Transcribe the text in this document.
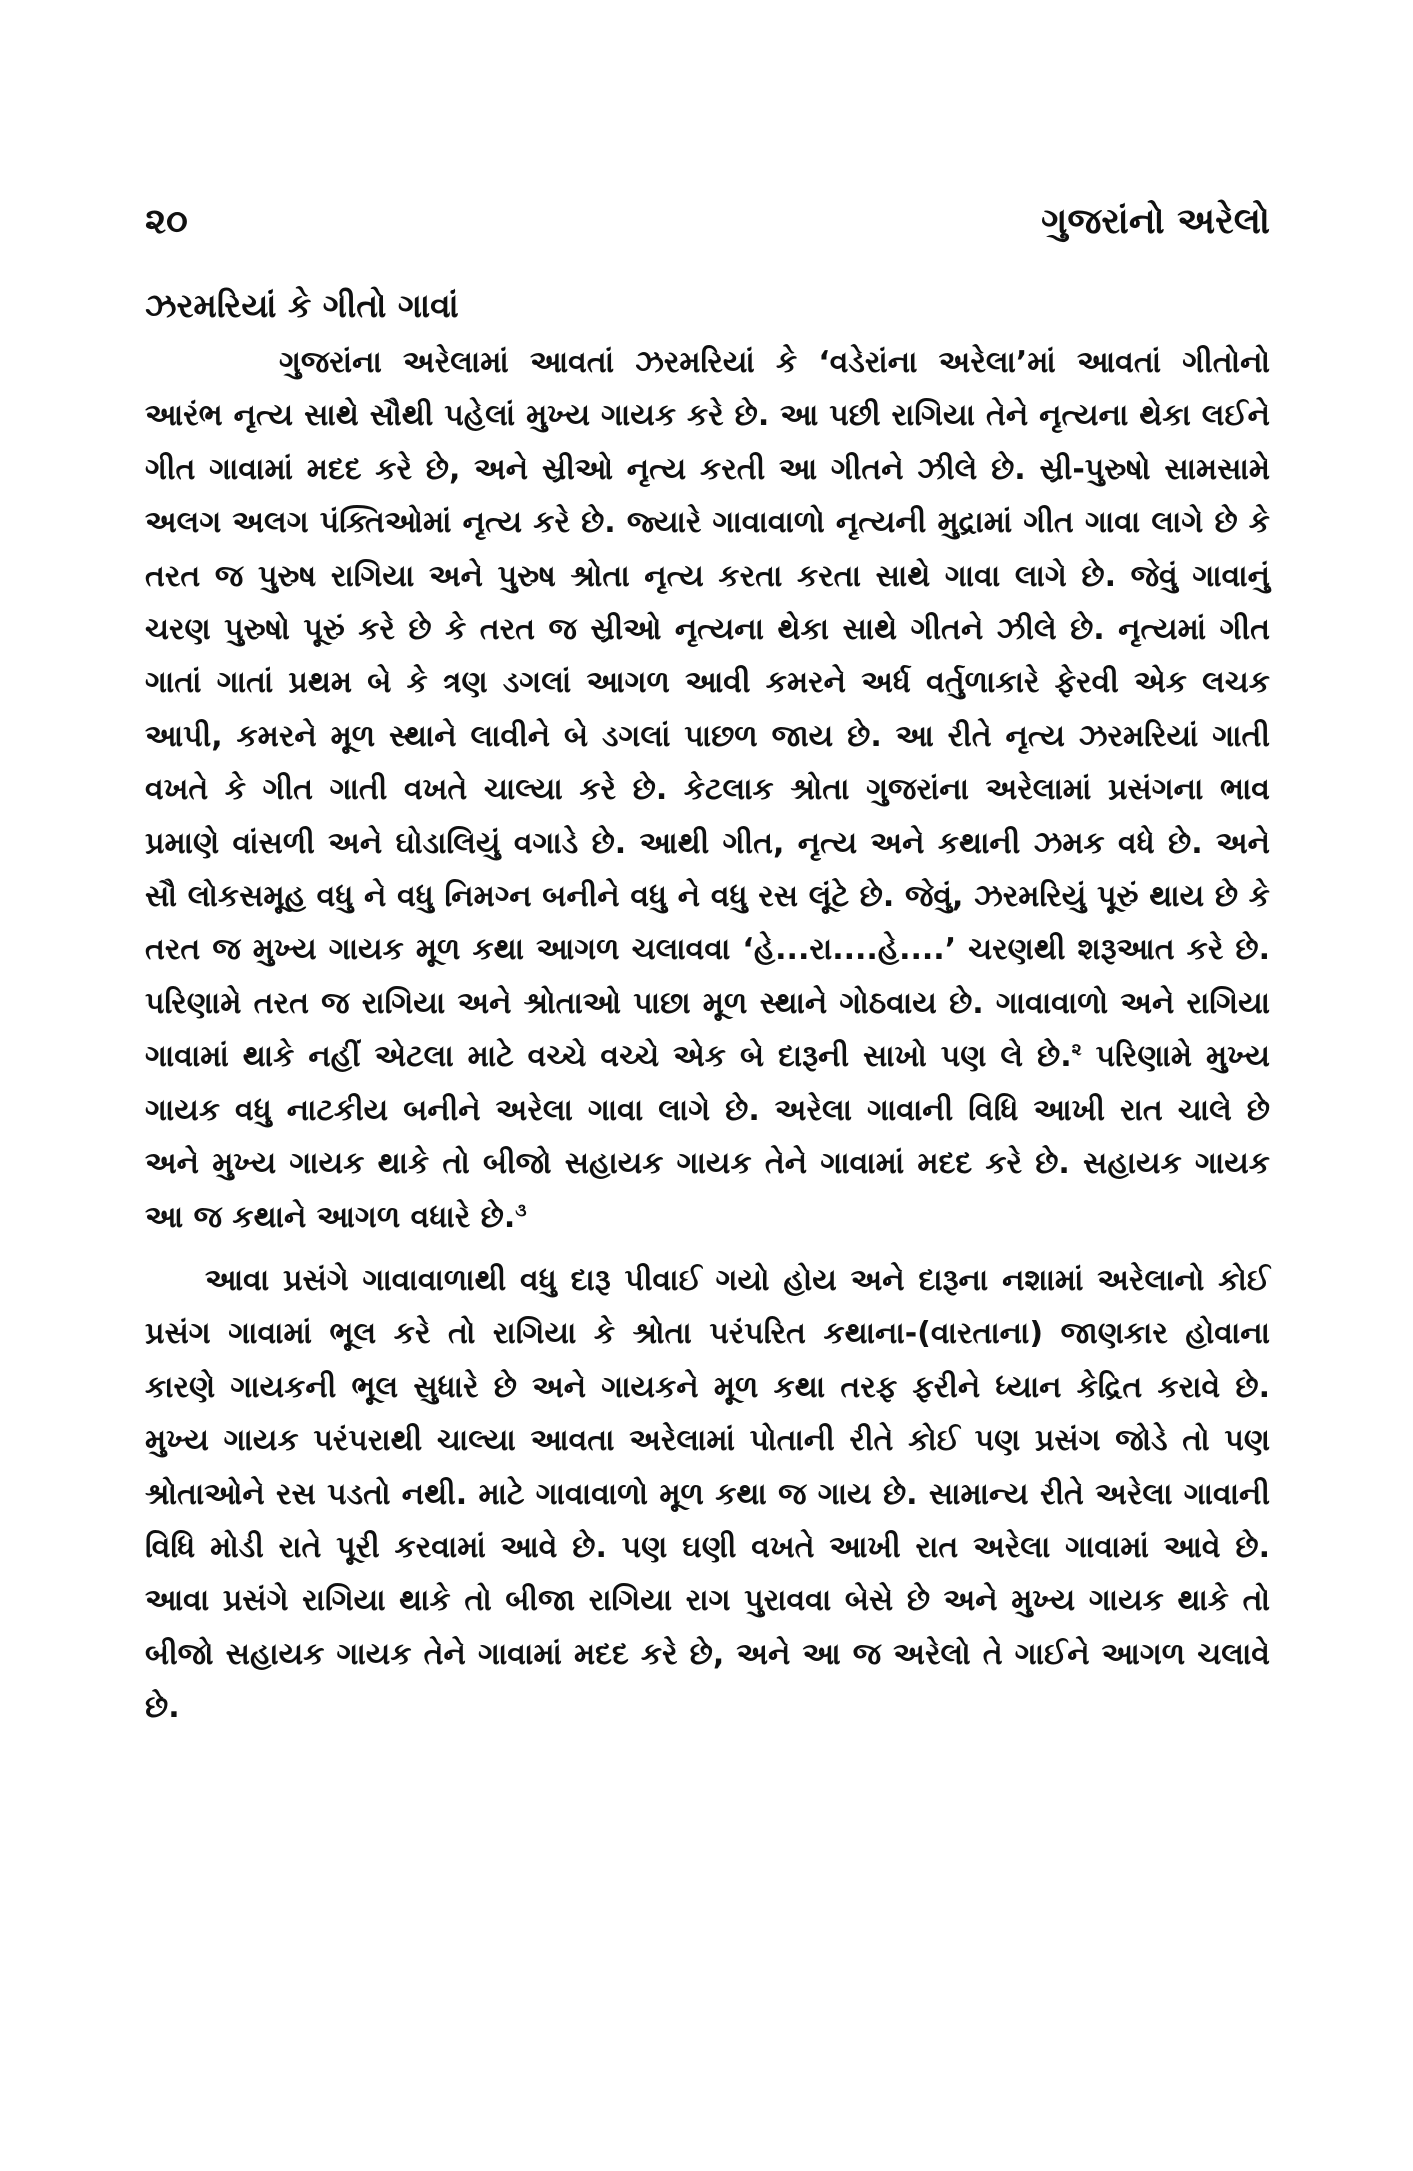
૨૦	ગુજરાંનો અરેલો
ઝરમરિયાં કે ગીતો ગાવાં

ગુજરાંના અરેલામાં આવતાં ઝરમરિયાં કે ‘વડેરાંના અરેલા’માં આવતાં ગીતોનો આરંભ નૃત્ય સાથે સૌથી પહેલાં મુખ્ય ગાયક કરે છે. આ પછી રાગિયા તેને નૃત્યના થેકા લઈને ગીત ગાવામાં મદદ કરે છે, અને સ્રીઓ નૃત્ય કરતી આ ગીતને ઝીલે છે. સ્રી-પુરુષો સામસામે અલગ અલગ પંક્તિઓમાં નૃત્ય કરે છે. જ્યારે ગાવાવાળો નૃત્યની મુદ્રામાં ગીત ગાવા લાગે છે કે તરત જ પુરુષ રાગિયા અને પુરુષ શ્રોતા નૃત્ય કરતા કરતા સાથે ગાવા લાગે છે. જેવું ગાવાનું ચરણ પુરુષો પૂરું કરે છે કે તરત જ સ્રીઓ નૃત્યના થેકા સાથે ગીતને ઝીલે છે. નૃત્યમાં ગીત ગાતાં ગાતાં પ્રથમ બે કે ત્રણ ડગલાં આગળ આવી કમરને અર્ધ વર્તુળાકારે ફેરવી એક લચક આપી, કમરને મૂળ સ્થાને લાવીને બે ડગલાં પાછળ જાય છે. આ રીતે નૃત્ય ઝરમરિયાં ગાતી વખતે કે ગીત ગાતી વખતે ચાલ્યા કરે છે. કેટલાક શ્રોતા ગુજરાંના અરેલામાં પ્રસંગના ભાવ પ્રમાણે વાંસળી અને ઘોડાલિયું વગાડે છે. આથી ગીત, નૃત્ય અને કથાની ઝમક વધે છે. અને સૌ લોકસમૂહ વધુ ને વધુ નિમગ્ન બનીને વધુ ને વધુ રસ લૂંટે છે. જેવું, ઝરમરિયું પૂરું થાય છે કે તરત જ મુખ્ય ગાયક મૂળ કથા આગળ ચલાવવા ‘હે...રા....હે....’ ચરણથી શરૂઆત કરે છે. પરિણામે તરત જ રાગિયા અને શ્રોતાઓ પાછા મૂળ સ્થાને ગોઠવાય છે. ગાવાવાળો અને રાગિયા ગાવામાં થાકે નહીં એટલા માટે વચ્ચે વચ્ચે એક બે દારૂની સાખો પણ લે છે.$^૨$ પરિણામે મુખ્ય ગાયક વધુ નાટકીય બનીને અરેલા ગાવા લાગે છે. અરેલા ગાવાની વિધિ આખી રાત ચાલે છે અને મુખ્ય ગાયક થાકે તો બીજો સહાયક ગાયક તેને ગાવામાં મદદ કરે છે. સહાયક ગાયક આ જ કથાને આગળ વધારે છે.$^૩$

આવા પ્રસંગે ગાવાવાળાથી વધુ દારૂ પીવાઈ ગયો હોય અને દારૂના નશામાં અરેલાનો કોઈ પ્રસંગ ગાવામાં ભૂલ કરે તો રાગિયા કે શ્રોતા પરંપરિત કથાના-(વારતાના) જાણકાર હોવાના કારણે ગાયકની ભૂલ સુધારે છે અને ગાયકને મૂળ કથા તરફ ફરીને ધ્યાન કેદ્રિત કરાવે છે. મુખ્ય ગાયક પરંપરાથી ચાલ્યા આવતા અરેલામાં પોતાની રીતે કોઈ પણ પ્રસંગ જોડે તો પણ શ્રોતાઓને રસ પડતો નથી. માટે ગાવાવાળો મૂળ કથા જ ગાય છે. સામાન્ય રીતે અરેલા ગાવાની વિધિ મોડી રાતે પૂરી કરવામાં આવે છે. પણ ઘણી વખતે આખી રાત અરેલા ગાવામાં આવે છે. આવા પ્રસંગે રાગિયા થાકે તો બીજા રાગિયા રાગ પુરાવવા બેસે છે અને મુખ્ય ગાયક થાકે તો બીજો સહાયક ગાયક તેને ગાવામાં મદદ કરે છે, અને આ જ અરેલો તે ગાઈને આગળ ચલાવે છે.
